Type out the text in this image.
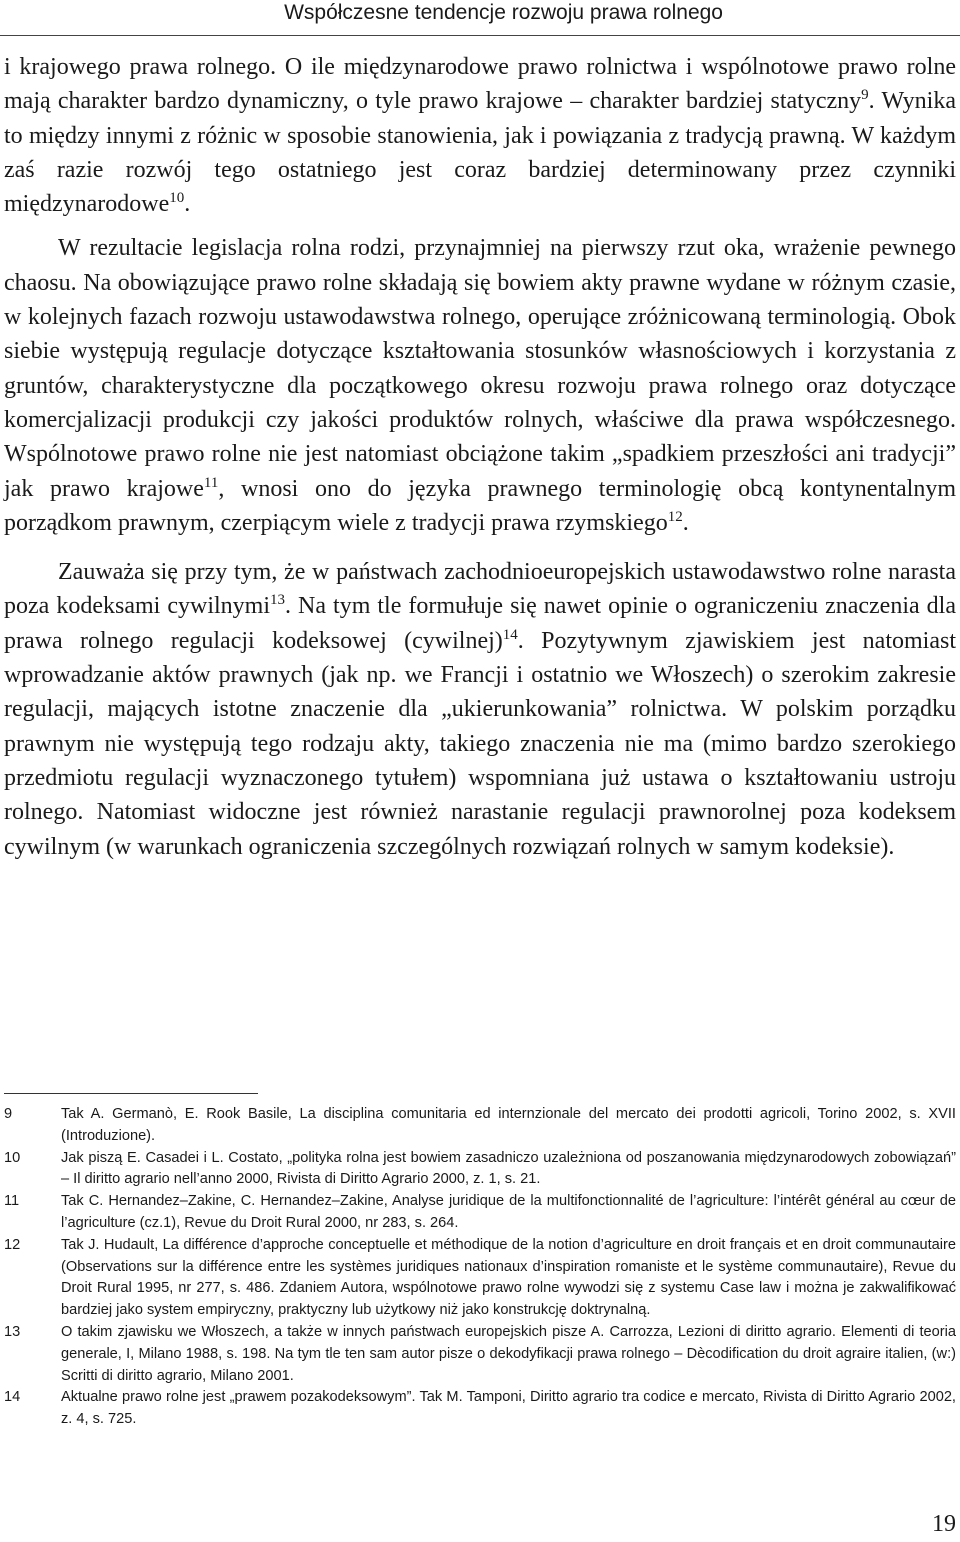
Współczesne tendencje rozwoju prawa rolnego

i krajowego prawa rolnego. O ile międzynarodowe prawo rolnictwa i wspólnotowe prawo rolne mają charakter bardzo dynamiczny, o tyle prawo krajowe – charakter bardziej statyczny$^9$. Wynika to między innymi z różnic w sposobie stanowienia, jak i powiązania z tradycją prawną. W każdym zaś razie rozwój tego ostatniego jest coraz bardziej determinowany przez czynniki międzynarodowe$^{10}$.

W rezultacie legislacja rolna rodzi, przynajmniej na pierwszy rzut oka, wrażenie pewnego chaosu. Na obowiązujące prawo rolne składają się bowiem akty prawne wydane w różnym czasie, w kolejnych fazach rozwoju ustawodawstwa rolnego, operujące zróżnicowaną terminologią. Obok siebie występują regulacje dotyczące kształtowania stosunków własnościowych i korzystania z gruntów, charakterystyczne dla początkowego okresu rozwoju prawa rolnego oraz dotyczące komercjalizacji produkcji czy jakości produktów rolnych, właściwe dla prawa współczesnego. Wspólnotowe prawo rolne nie jest natomiast obciążone takim „spadkiem przeszłości ani tradycji” jak prawo krajowe$^{11}$, wnosi ono do języka prawnego terminologię obcą kontynentalnym porządkom prawnym, czerpiącym wiele z tradycji prawa rzymskiego$^{12}$.

Zauważa się przy tym, że w państwach zachodnioeuropejskich ustawodawstwo rolne narasta poza kodeksami cywilnymi$^{13}$. Na tym tle formułuje się nawet opinie o ograniczeniu znaczenia dla prawa rolnego regulacji kodeksowej (cywilnej)$^{14}$. Pozytywnym zjawiskiem jest natomiast wprowadzanie aktów prawnych (jak np. we Francji i ostatnio we Włoszech) o szerokim zakresie regulacji, mających istotne znaczenie dla „ukierunkowania” rolnictwa. W polskim porządku prawnym nie występują tego rodzaju akty, takiego znaczenia nie ma (mimo bardzo szerokiego przedmiotu regulacji wyznaczonego tytułem) wspomniana już ustawa o kształtowaniu ustroju rolnego. Natomiast widoczne jest również narastanie regulacji prawnorolnej poza kodeksem cywilnym (w warunkach ograniczenia szczególnych rozwiązań rolnych w samym kodeksie).

9	Tak A. Germanò, E. Rook Basile, La disciplina comunitaria ed internzionale del mercato dei prodotti agricoli, Torino 2002, s. XVII (Introduzione).
10	Jak piszą E. Casadei i L. Costato, „polityka rolna jest bowiem zasadniczo uzależniona od poszanowania międzynarodowych zobowiązań” – Il diritto agrario nell’anno 2000, Rivista di Diritto Agrario 2000, z. 1, s. 21.
11	Tak C. Hernandez–Zakine, C. Hernandez–Zakine, Analyse juridique de la multifonctionnalité de l’agriculture: l’intérêt général au cœur de l’agriculture (cz.1), Revue du Droit Rural 2000, nr 283, s. 264.
12	Tak J. Hudault, La différence d’approche conceptuelle et méthodique de la notion d’agriculture en droit français et en droit communautaire (Observations sur la différence entre les systèmes juridiques nationaux d’inspiration romaniste et le système communautaire), Revue du Droit Rural 1995, nr 277, s. 486. Zdaniem Autora, wspólnotowe prawo rolne wywodzi się z systemu Case law i można je zakwalifikować bardziej jako system empiryczny, praktyczny lub użytkowy niż jako konstrukcję doktrynalną.
13	O takim zjawisku we Włoszech, a także w innych państwach europejskich pisze A. Carrozza, Lezioni di diritto agrario. Elementi di teoria generale, I, Milano 1988, s. 198. Na tym tle ten sam autor pisze o dekodyfikacji prawa rolnego – Dècodification du droit agraire italien, (w:) Scritti di diritto agrario, Milano 2001.
14	Aktualne prawo rolne jest „prawem pozakodeksowym”. Tak M. Tamponi, Diritto agrario tra codice e mercato, Rivista di Diritto Agrario 2002, z. 4, s. 725.
19
